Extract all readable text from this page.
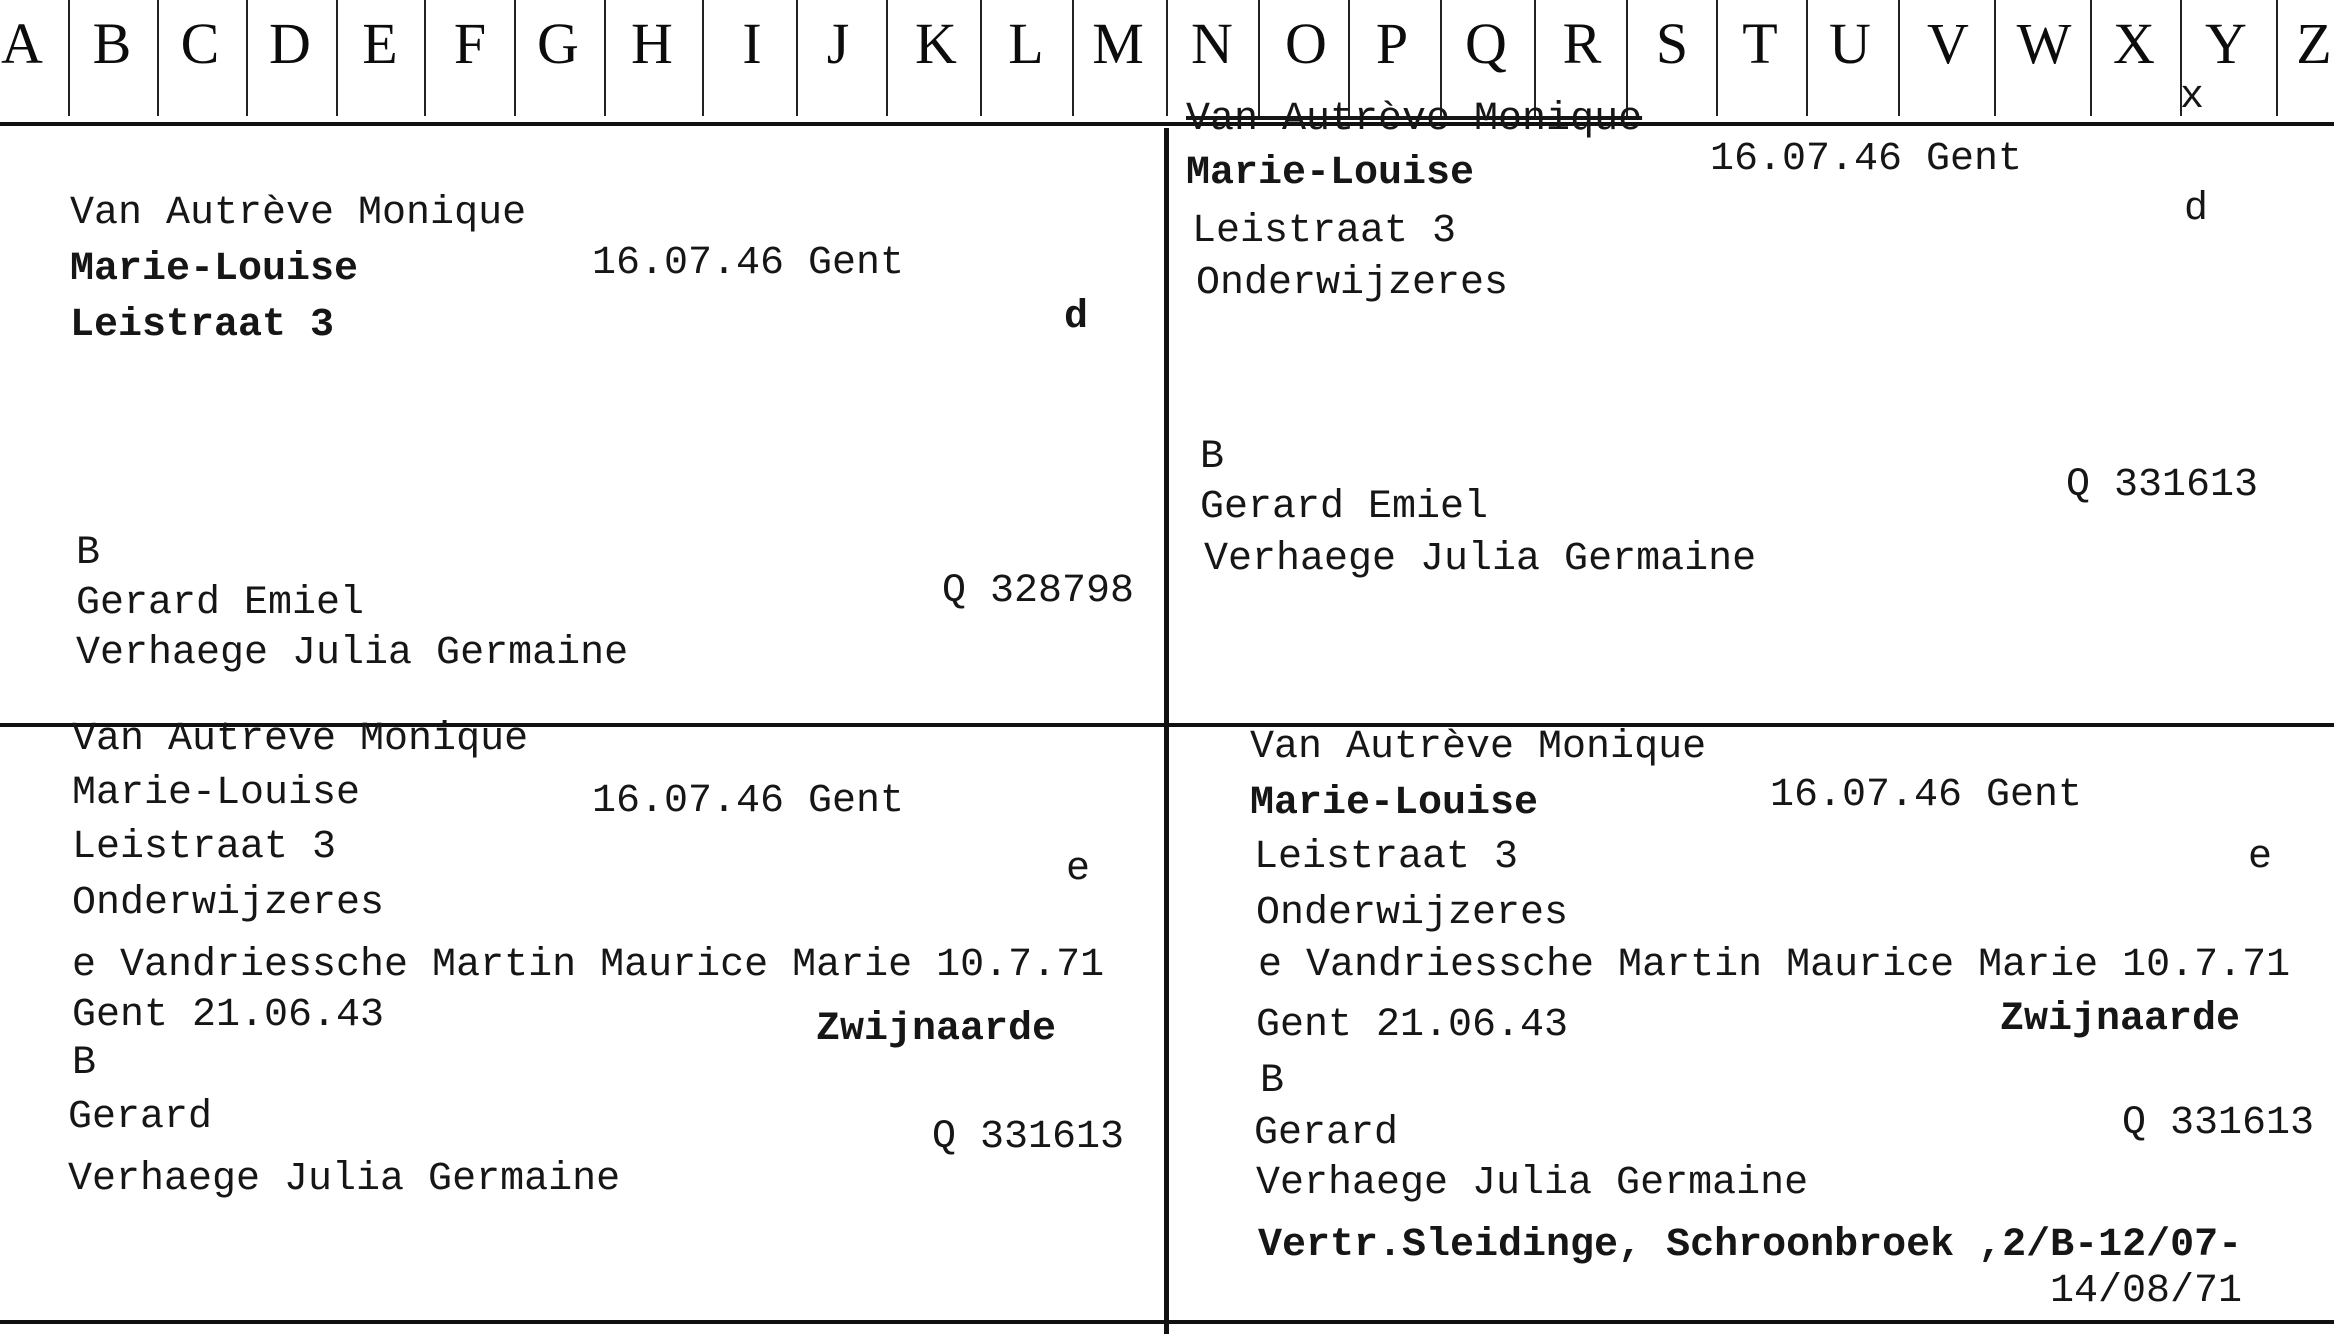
A B C D E F G H	I	J	K L M N O P Q R S T U V W X Y Z
x
Van Autrève Monique
Marie-Louise	16.07.46 Gent
Leistraat 3	d
B
Gerard Emiel	Q 328798
Verhaege Julia Germaine
Van Autrève Monique
Marie-Louise	16.07.46 Gent
d
Leistraat 3
Onderwijzeres
B
Gerard Emiel	Q 331613
Verhaege Julia Germaine
Van Autreve Monique
Marie-Louise	16.07.46 Gent
Leistraat 3	e
Onderwijzeres
e Vandriessche Martin Maurice Marie 10.7.71
Gent 21.06.43	Zwijnaarde
B
Gerard	Q 331613
Verhaege Julia Germaine
Van Autrève Monique
Marie-Louise	16.07.46 Gent
Leistraat 3	e
Onderwijzeres
e Vandriessche Martin Maurice Marie 10.7.71
Gent 21.06.43	Zwijnaarde
B
Gerard	Q 331613
Verhaege Julia Germaine
Vertr.Sleidinge, Schroonbroek ,2/B-12/07-
14/08/71
